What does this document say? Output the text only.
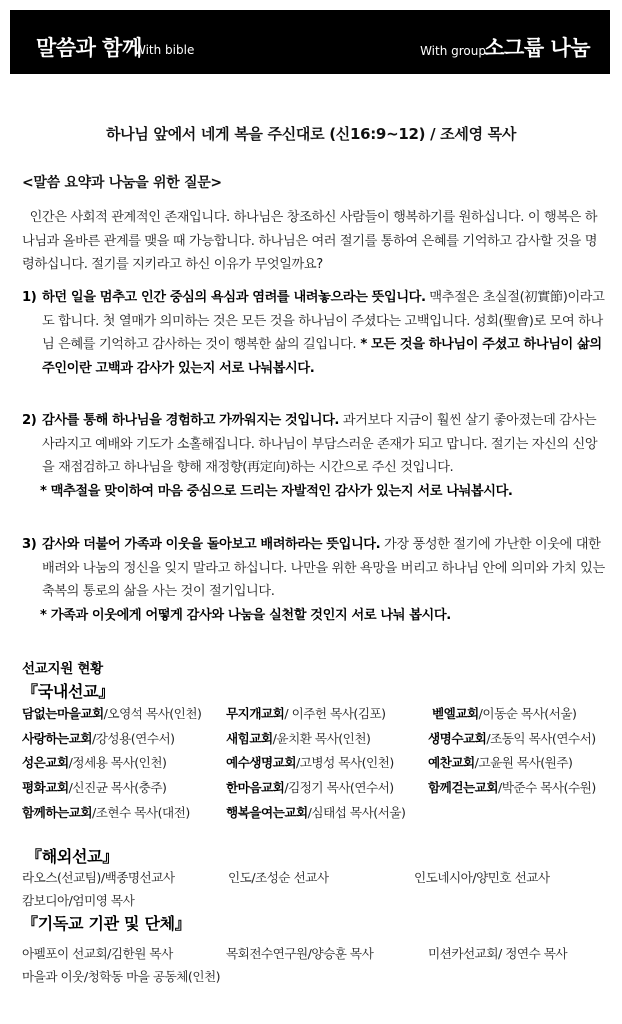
말씀과 함께
With bible	With group
소그룹 나눔
하나님 앞에서 네게 복을 주신대로 (신16:9~12) / 조세영 목사
<말씀 요약과 나눔을 위한 질문>
인간은 사회적 관계적인 존재입니다. 하나님은 창조하신 사람들이 행복하기를 원하십니다. 이 행복은 하나님과 올바른 관계를 맺을 때 가능합니다. 하나님은 여러 절기를 통하여 은혜를 기억하고 감사할 것을 명령하십니다. 절기를 지키라고 하신 이유가 무엇일까요?
1) 하던 일을 멈추고 인간 중심의 욕심과 염려를 내려놓으라는 뜻입니다. 맥추절은 초실절(初實節)이라고도 합니다. 첫 열매가 의미하는 것은 모든 것을 하나님이 주셨다는 고백입니다. 성회(聖會)로 모여 하나님 은혜를 기억하고 감사하는 것이 행복한 삶의 길입니다. * 모든 것을 하나님이 주셨고 하나님이 삶의 주인이란 고백과 감사가 있는지 서로 나눠봅시다.
2) 감사를 통해 하나님을 경험하고 가까워지는 것입니다. 과거보다 지금이 훨씬 살기 좋아졌는데 감사는 사라지고 예배와 기도가 소홀해집니다. 하나님이 부담스러운 존재가 되고 맙니다. 절기는 자신의 신앙을 재점검하고 하나님을 향해 재정향(再定向)하는 시간으로 주신 것입니다.
* 맥추절을 맞이하여 마음 중심으로 드리는 자발적인 감사가 있는지 서로 나눠봅시다.
3) 감사와 더불어 가족과 이웃을 돌아보고 배려하라는 뜻입니다. 가장 풍성한 절기에 가난한 이웃에 대한 배려와 나눔의 정신을 잊지 말라고 하십니다. 나만을 위한 욕망을 버리고 하나님 안에 의미와 가치 있는 축복의 통로의 삶을 사는 것이 절기입니다.
* 가족과 이웃에게 어떻게 감사와 나눔을 실천할 것인지 서로 나눠 봅시다.
선교지원 현황
『국내선교』
담없는마을교회/오영석 목사(인천) 무지개교회/ 이주헌 목사(김포)	벧엘교회/이동순 목사(서울)
사랑하는교회/강성용(연수서)	새힘교회/윤치환 목사(인천)	생명수교회/조동익 목사(연수서)
성은교회/정세용 목사(인천)	예수생명교회/고병성 목사(인천)	예찬교회/고윤원 목사(원주)
평화교회/신진균 목사(충주)	한마음교회/김정기 목사(연수서)	함께걷는교회/박준수 목사(수원)
함께하는교회/조현수 목사(대전)	행복을여는교회/심태섭 목사(서울)
『해외선교』
라오스(선교팀)/백종명선교사	인도/조성순 선교사	인도네시아/양민호 선교사
캄보디아/엄미영 목사
『기독교 기관 및 단체』
아펠포이 선교회/김한원 목사	목회전수연구원/양승훈 목사	미션카선교회/ 정연수 목사
마을과 이웃/청학동 마을 공동체(인천)
